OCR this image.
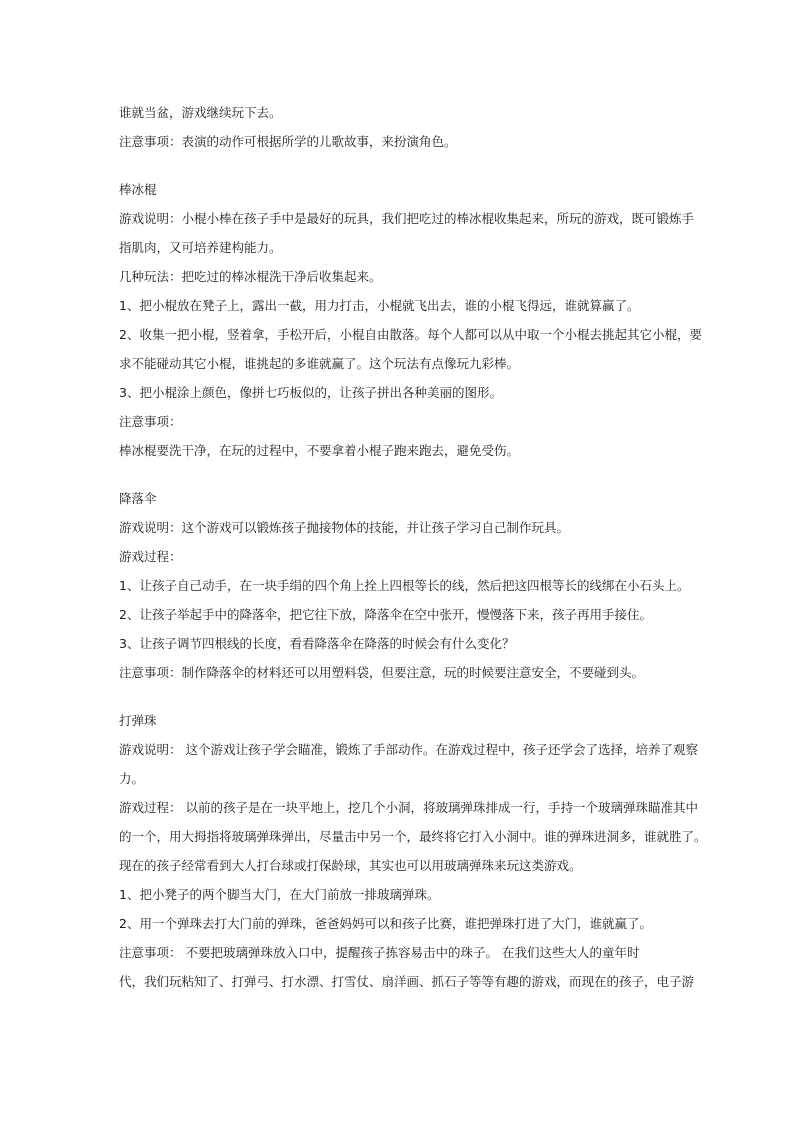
谁就当盆，游戏继续玩下去。
注意事项：表演的动作可根据所学的儿歌故事，来扮演角色。
棒冰棍
游戏说明：小棍小棒在孩子手中是最好的玩具，我们把吃过的棒冰棍收集起来，所玩的游戏，既可锻炼手
指肌肉，又可培养建构能力。
几种玩法：把吃过的棒冰棍洗干净后收集起来。
1、把小棍放在凳子上，露出一截，用力打击，小棍就飞出去，谁的小棍飞得远，谁就算赢了。
2、收集一把小棍，竖着拿，手松开后，小棍自由散落。每个人都可以从中取一个小棍去挑起其它小棍，要
求不能碰动其它小棍，谁挑起的多谁就赢了。这个玩法有点像玩九彩棒。
3、把小棍涂上颜色，像拼七巧板似的，让孩子拼出各种美丽的图形。
注意事项：
棒冰棍要洗干净，在玩的过程中，不要拿着小棍子跑来跑去，避免受伤。
降落伞
游戏说明：这个游戏可以锻炼孩子抛接物体的技能，并让孩子学习自己制作玩具。
游戏过程：
1、让孩子自己动手，在一块手绢的四个角上拴上四根等长的线，然后把这四根等长的线绑在小石头上。
2、让孩子举起手中的降落伞，把它往下放，降落伞在空中张开，慢慢落下来，孩子再用手接住。
3、让孩子调节四根线的长度，看看降落伞在降落的时候会有什么变化？
注意事项：制作降落伞的材料还可以用塑料袋，但要注意，玩的时候要注意安全，不要碰到头。
打弹珠
游戏说明： 这个游戏让孩子学会瞄准，锻炼了手部动作。在游戏过程中，孩子还学会了选择，培养了观察
力。
游戏过程： 以前的孩子是在一块平地上，挖几个小洞，将玻璃弹珠排成一行，手持一个玻璃弹珠瞄准其中
的一个，用大拇指将玻璃弹珠弹出，尽量击中另一个，最终将它打入小洞中。谁的弹珠进洞多，谁就胜了。
现在的孩子经常看到大人打台球或打保龄球，其实也可以用玻璃弹珠来玩这类游戏。
1、把小凳子的两个脚当大门，在大门前放一排玻璃弹珠。
2、用一个弹珠去打大门前的弹珠，爸爸妈妈可以和孩子比赛，谁把弹珠打进了大门，谁就赢了。
注意事项： 不要把玻璃弹珠放入口中，提醒孩子拣容易击中的珠子。 在我们这些大人的童年时
代，我们玩粘知了、打弹弓、打水漂、打雪仗、扇洋画、抓石子等等有趣的游戏，而现在的孩子，电子游
